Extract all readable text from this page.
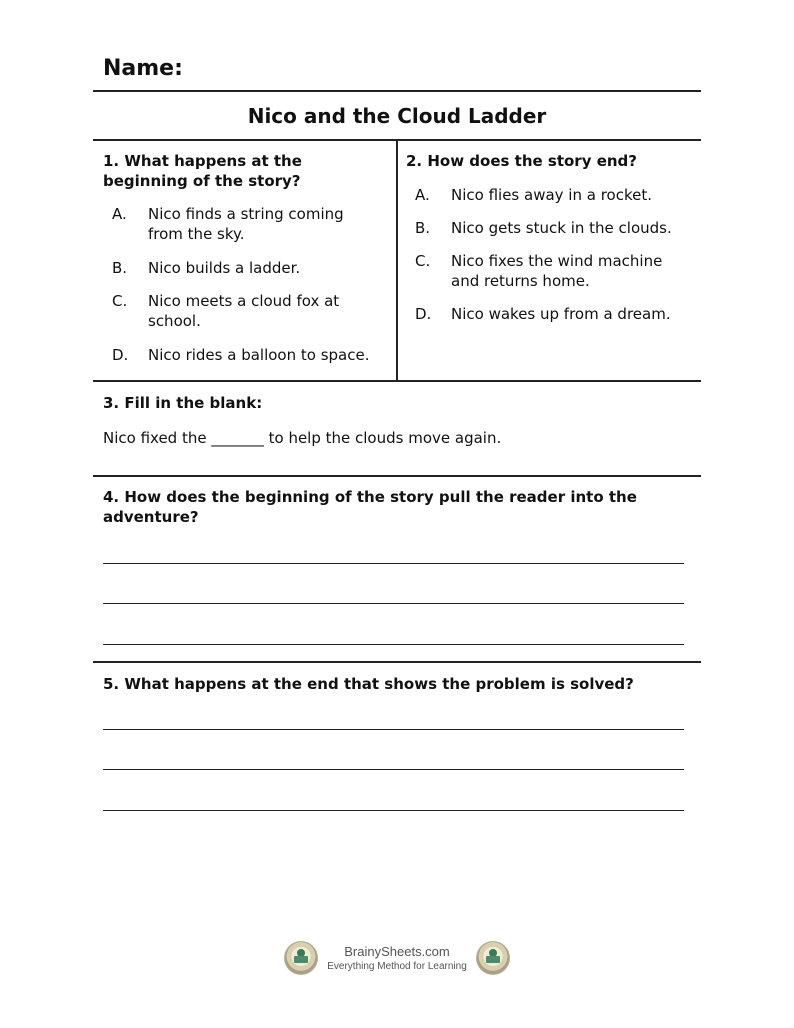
Name:
Nico and the Cloud Ladder
1. What happens at the beginning of the story?
A. Nico finds a string coming from the sky.
B. Nico builds a ladder.
C. Nico meets a cloud fox at school.
D. Nico rides a balloon to space.
2. How does the story end?
A. Nico flies away in a rocket.
B. Nico gets stuck in the clouds.
C. Nico fixes the wind machine and returns home.
D. Nico wakes up from a dream.
3. Fill in the blank:
Nico fixed the _______ to help the clouds move again.
4. How does the beginning of the story pull the reader into the adventure?
5. What happens at the end that shows the problem is solved?
BrainySheets.com
Everything Method for Learning
